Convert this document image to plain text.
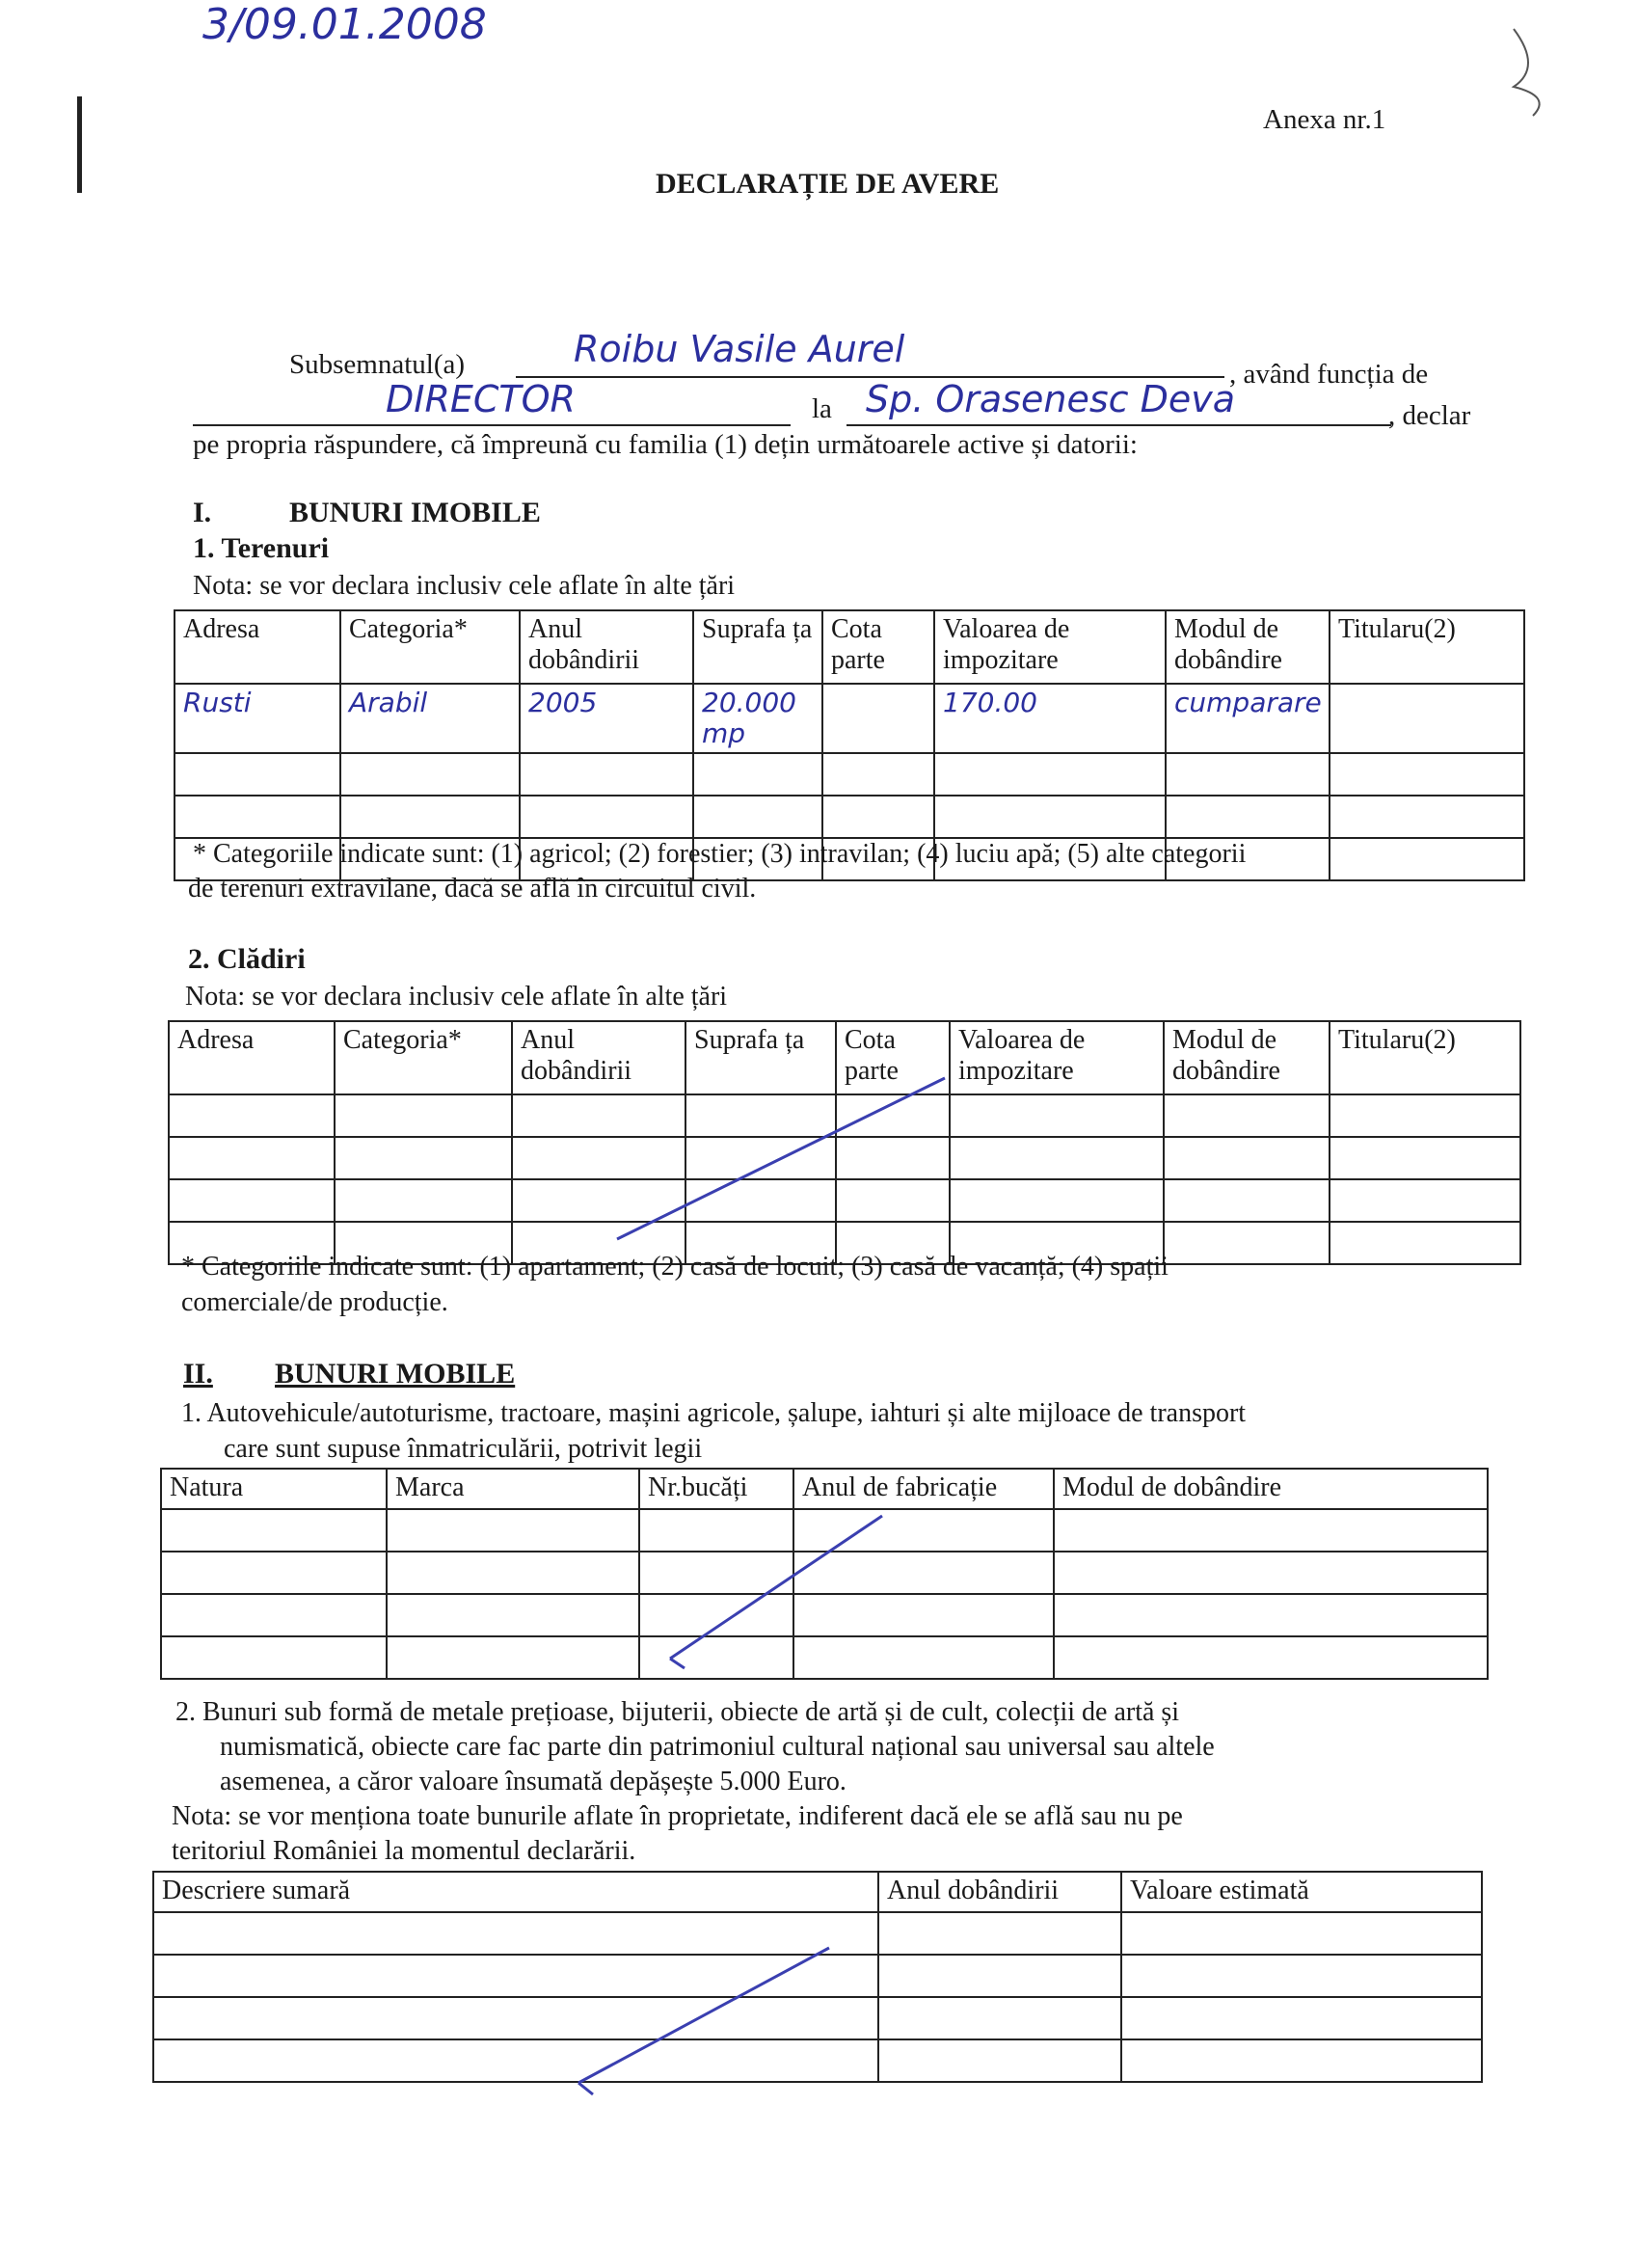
3/09.01.2008
Anexa nr.1
DECLARAȚIE DE AVERE
Subsemnatul(a)	Roibu Vasile Aurel
, având funcția de
DIRECTOR	la Sp. Orasenesc Deva	, declar
pe propria răspundere, că împreună cu familia (1) dețin următoarele active și datorii:
I.	BUNURI IMOBILE
1. Terenuri
Nota: se vor declara inclusiv cele aflate în alte țări
Adresa	Categoria*	Anul dobândirii	Suprafa ța	Cota parte	Valoarea de impozitare	Modul de dobândire	Titularu(2)
Rusti	Arabil	2005	20.000 mp		170.00	cumparare	

* Categoriile indicate sunt: (1) agricol; (2) forestier; (3) intravilan; (4) luciu apă; (5) alte categorii
de terenuri extravilane, dacă se află în circuitul civil.
2. Clădiri
Nota: se vor declara inclusiv cele aflate în alte țări
Adresa	Categoria*	Anul dobândirii	Suprafa ța	Cota parte	Valoarea de impozitare	Modul de dobândire	Titularu(2)

* Categoriile indicate sunt: (1) apartament; (2) casă de locuit; (3) casă de vacanță; (4) spații
comerciale/de producție.
II. BUNURI MOBILE
1. Autovehicule/autoturisme, tractoare, mașini agricole, șalupe, iahturi și alte mijloace de transport
care sunt supuse înmatriculării, potrivit legii
Natura	Marca	Nr.bucăți	Anul de fabricație	Modul de dobândire

2. Bunuri sub formă de metale prețioase, bijuterii, obiecte de artă și de cult, colecții de artă și
numismatică, obiecte care fac parte din patrimoniul cultural național sau universal sau altele
asemenea, a căror valoare însumată depășește 5.000 Euro.
Nota: se vor menționa toate bunurile aflate în proprietate, indiferent dacă ele se află sau nu pe
teritoriul României la momentul declarării.
Descriere sumară	Anul dobândirii	Valoare estimată
